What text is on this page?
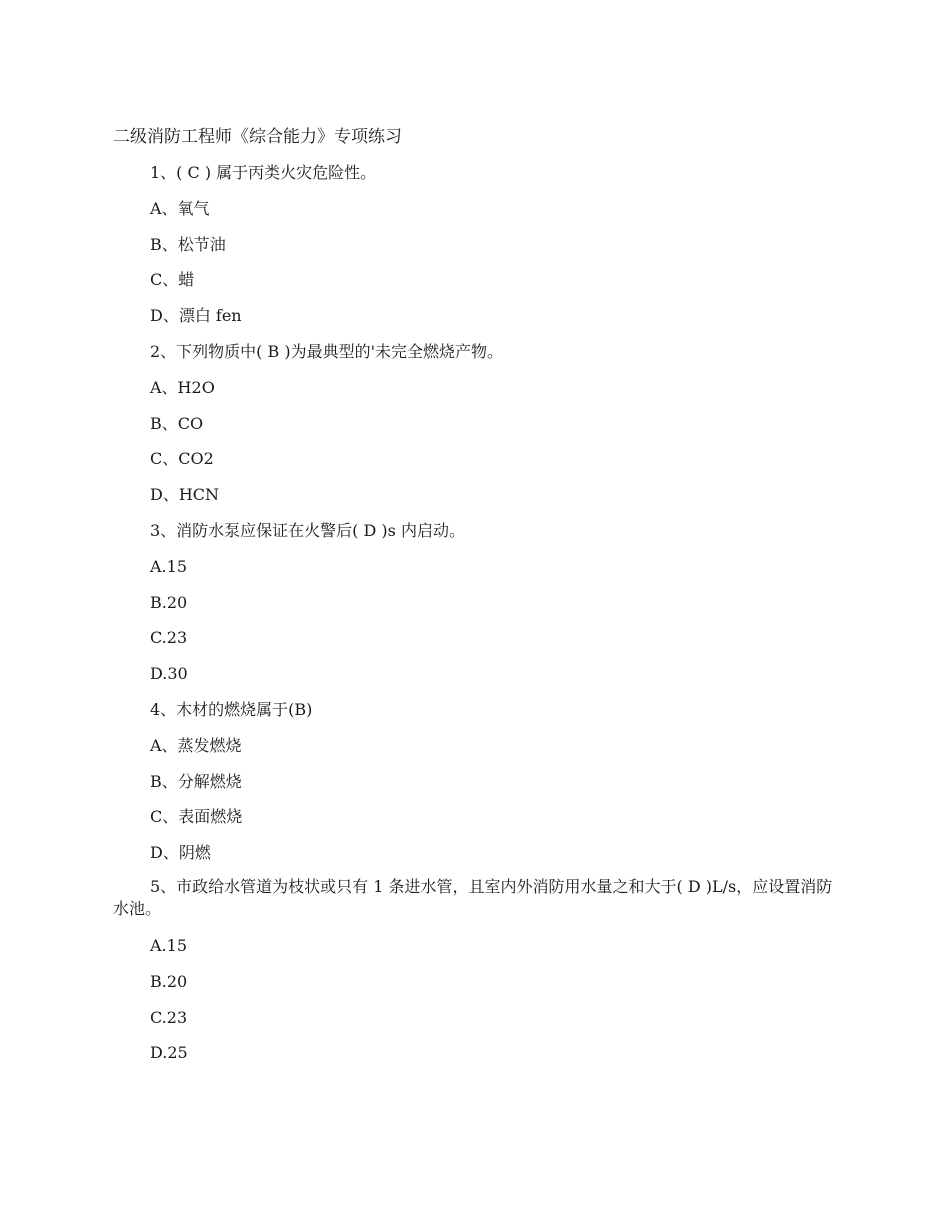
二级消防工程师《综合能力》专项练习
1、( C ) 属于丙类火灾危险性。
A、氧气
B、松节油
C、蜡
D、漂白 fen
2、下列物质中( B )为最典型的'未完全燃烧产物。
A、H2O
B、CO
C、CO2
D、HCN
3、消防水泵应保证在火警后( D )s 内启动。
A.15
B.20
C.23
D.30
4、木材的燃烧属于(B)
A、蒸发燃烧
B、分解燃烧
C、表面燃烧
D、阴燃
5、市政给水管道为枝状或只有 1 条进水管，且室内外消防用水量之和大于( D )L/s，应设置消防水池。
A.15
B.20
C.23
D.25
